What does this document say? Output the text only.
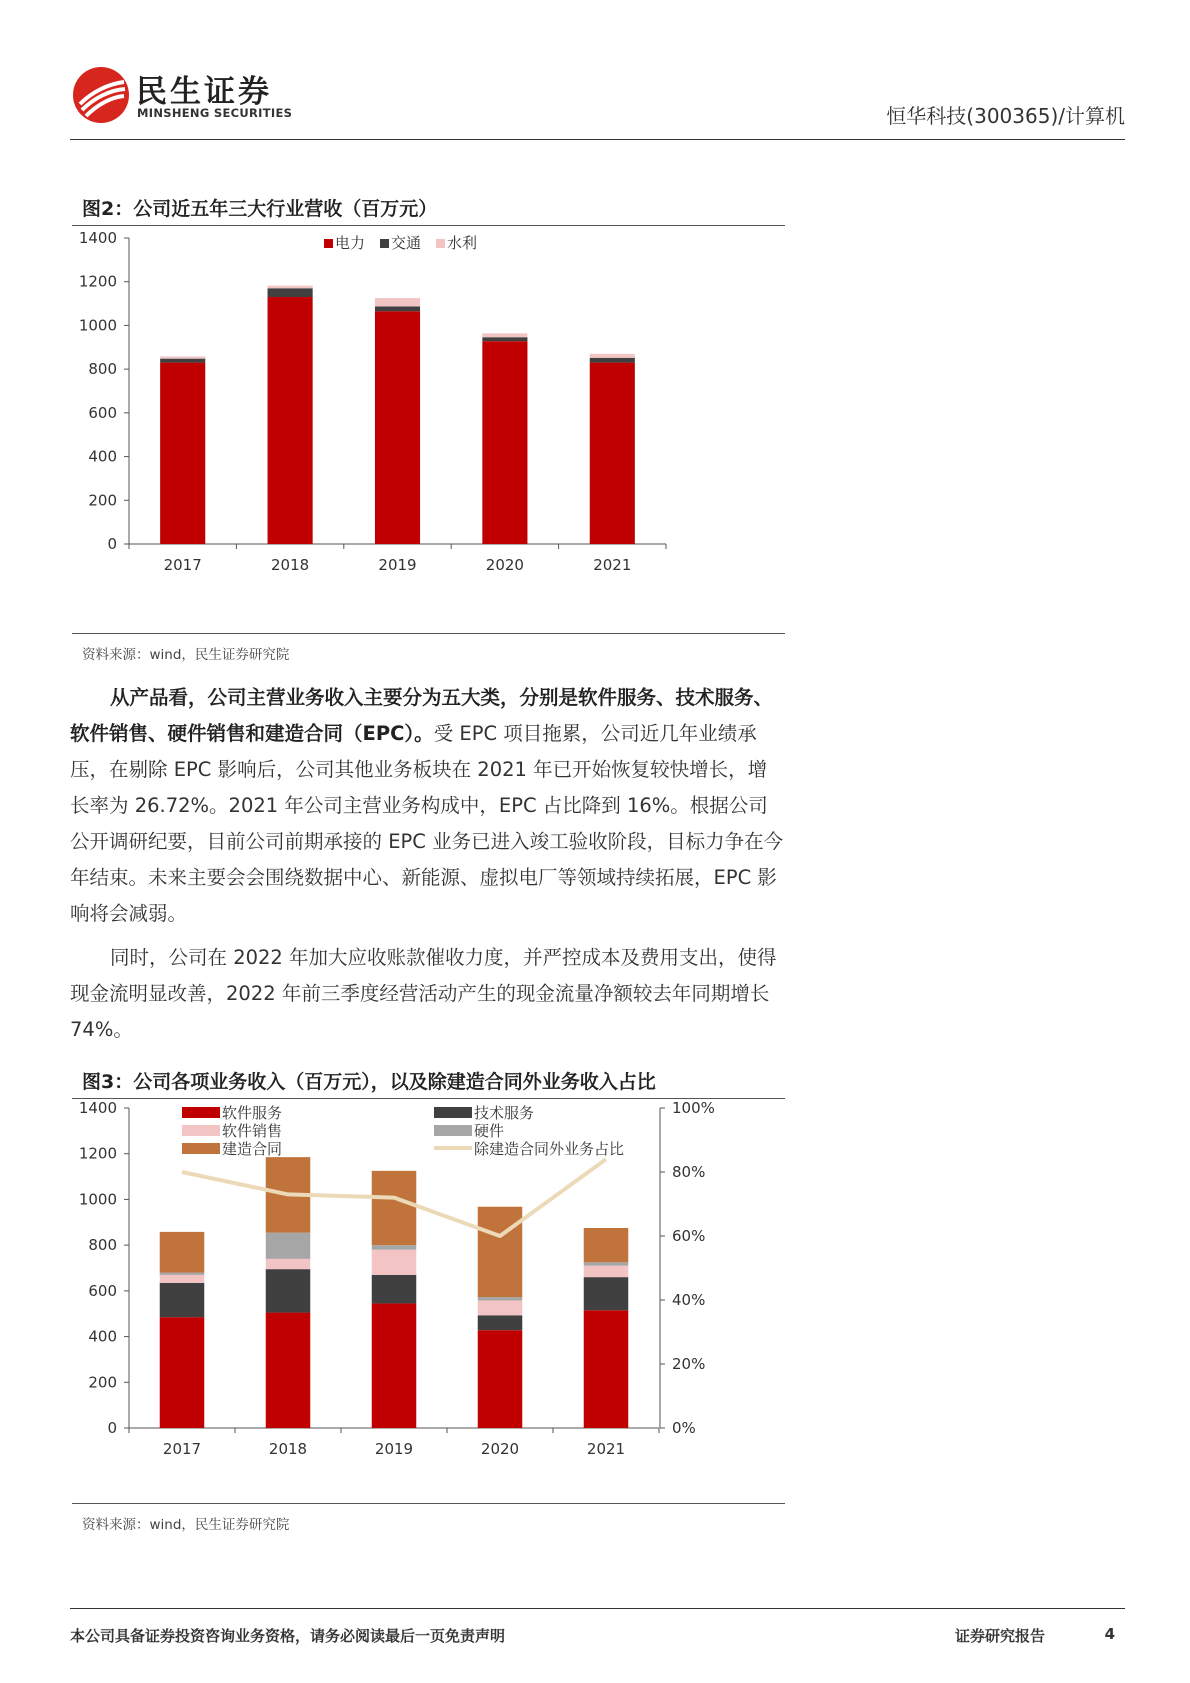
民生证券
MINSHENG SECURITIES	恒华科技(300365)/计算机
图2：公司近五年三大行业营收（百万元）
0
200
400
600
800
1000
1200
1400
2017	2018	2019	2020	2021
电力 交通 水利
资料来源：wind，民生证券研究院
从产品看，公司主营业务收入主要分为五大类，分别是软件服务、技术服务、软件销售、硬件销售和建造合同（EPC）。受 EPC 项目拖累，公司近几年业绩承压，在剔除 EPC 影响后，公司其他业务板块在 2021 年已开始恢复较快增长，增长率为 26.72%。2021 年公司主营业务构成中，EPC 占比降到 16%。根据公司公开调研纪要，目前公司前期承接的 EPC 业务已进入竣工验收阶段，目标力争在今年结束。未来主要会会围绕数据中心、新能源、虚拟电厂等领域持续拓展，EPC 影响将会减弱。
同时，公司在 2022 年加大应收账款催收力度，并严控成本及费用支出，使得现金流明显改善，2022 年前三季度经营活动产生的现金流量净额较去年同期增长 74%。
图3：公司各项业务收入（百万元），以及除建造合同外业务收入占比
0
200
400
600
800
1000
1200
1400
2017	2018	2019	2020	2021
0%
20%
40%
60%
80%
100%
软件服务	技术服务
软件销售	硬件
建造合同	除建造合同外业务占比
资料来源：wind，民生证券研究院
本公司具备证券投资咨询业务资格，请务必阅读最后一页免责声明	证券研究报告	4
